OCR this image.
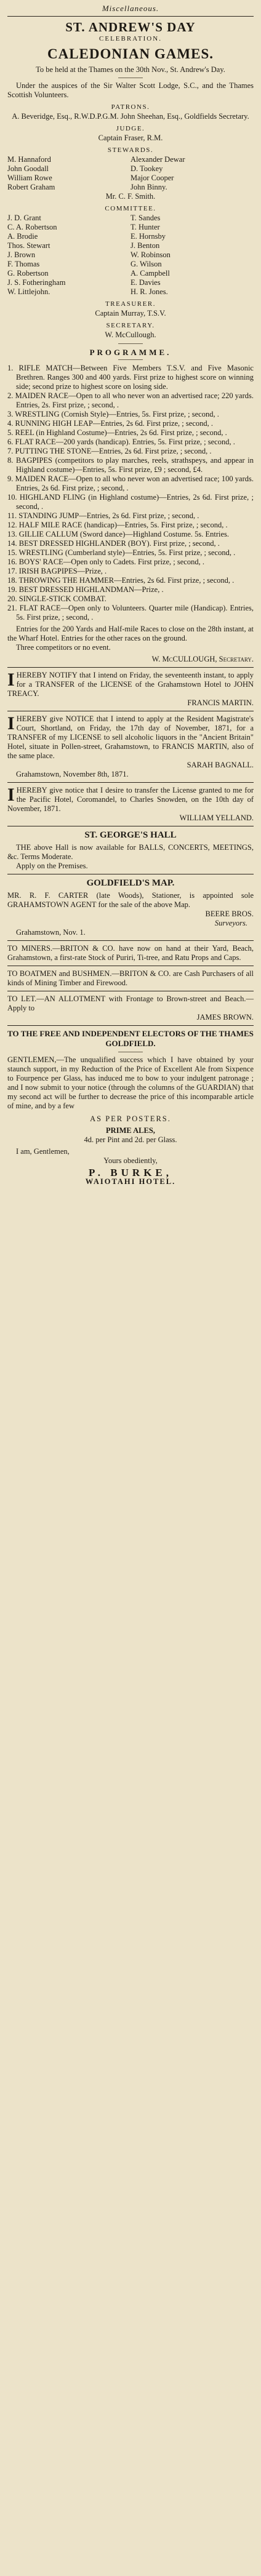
Miscellaneous.
ST. ANDREW'S DAY
CELEBRATION.
CALEDONIAN GAMES.
To be held at the Thames on the 30th Nov., St. Andrew's Day.
Under the auspices of the Sir Walter Scott Lodge, S.C., and the Thames Scottish Volunteers.
PATRONS.
A. Beveridge, Esq., R.W.D.P.G.M. John Sheehan, Esq., Goldfields Secretary.
JUDGE.
Captain Fraser, R.M.
STEWARDS.
M. Hannaford	Alexander Dewar
John Goodall	D. Tookey
William Rowe	Major Cooper
Robert Graham	John Binny.
Mr. C. F. Smith.
COMMITTEE.
J. D. Grant	T. Sandes
C. A. Robertson	T. Hunter
A. Brodie	E. Hornsby
Thos. Stewart	J. Benton
J. Brown	W. Robinson
F. Thomas	G. Wilson
G. Robertson	A. Campbell
J. S. Fotheringham	E. Davies
W. Littlejohn.	H. R. Jones.
TREASURER.
Captain Murray, T.S.V.
SECRETARY.
W. McCullough.
PROGRAMME.
1. RIFLE MATCH—Between Five Members T.S.V. and Five Masonic Brethren. Ranges 300 and 400 yards. First prize to highest score on winning side; second prize to highest score on losing side.
2. MAIDEN RACE—Open to all who never won an advertised race; 220 yards. Entries, 2s. First prize, ; second, .
3. WRESTLING (Cornish Style)—Entries, 5s. First prize, ; second, .
4. RUNNING HIGH LEAP—Entries, 2s 6d. First prize, ; second, .
5. REEL (in Highland Costume)—Entries, 2s 6d. First prize, ; second, .
6. FLAT RACE—200 yards (handicap). Entries, 5s. First prize, ; second, .
7. PUTTING THE STONE—Entries, 2s 6d. First prize, ; second, .
8. BAGPIPES (competitors to play marches, reels, strathspeys, and appear in Highland costume)—Entries, 5s. First prize, £9 ; second, £4.
9. MAIDEN RACE—Open to all who never won an advertised race; 100 yards. Entries, 2s 6d. First prize, ; second, .
10. HIGHLAND FLING (in Highland costume)—Entries, 2s 6d. First prize, ; second, .
11. STANDING JUMP—Entries, 2s 6d. First prize, ; second, .
12. HALF MILE RACE (handicap)—Entries, 5s. First prize, ; second, .
13. GILLIE CALLUM (Sword dance)—Highland Costume. 5s. Entries.
14. BEST DRESSED HIGHLANDER (BOY). First prize, ; second, .
15. WRESTLING (Cumberland style)—Entries, 5s. First prize, ; second, .
16. BOYS' RACE—Open only to Cadets. First prize, ; second, .
17. IRISH BAGPIPES—Prize, .
18. THROWING THE HAMMER—Entries, 2s 6d. First prize, ; second, .
19. BEST DRESSED HIGHLANDMAN—Prize, .
20. SINGLE-STICK COMBAT.
21. FLAT RACE—Open only to Volunteers. Quarter mile (Handicap). Entries, 5s. First prize, ; second, .
Entries for the 200 Yards and Half-mile Races to close on the 28th instant, at the Wharf Hotel. Entries for the other races on the ground.
Three competitors or no event.
W. McCULLOUGH, Secretary.
IHEREBY NOTIFY that I intend on Friday, the seventeenth instant, to apply for a TRANSFER of the LICENSE of the Grahamstown Hotel to JOHN TREACY.
FRANCIS MARTIN.
IHEREBY give NOTICE that I intend to apply at the Resident Magistrate's Court, Shortland, on Friday, the 17th day of November, 1871, for a TRANSFER of my LICENSE to sell alcoholic liquors in the "Ancient Britain" Hotel, situate in Pollen-street, Grahamstown, to FRANCIS MARTIN, also of the same place.
SARAH BAGNALL.
Grahamstown, November 8th, 1871.
IHEREBY give notice that I desire to transfer the License granted to me for the Pacific Hotel, Coromandel, to Charles Snowden, on the 10th day of November, 1871.
WILLIAM YELLAND.
ST. GEORGE'S HALL
THE above Hall is now available for BALLS, CONCERTS, MEETINGS, &c. Terms Moderate.
Apply on the Premises.
GOLDFIELD'S MAP.
MR. R. F. CARTER (late Woods), Stationer, is appointed sole GRAHAMSTOWN AGENT for the sale of the above Map.
BEERE BROS.
Surveyors.
Grahamstown, Nov. 1.
TO MINERS.—BRITON & CO. have now on hand at their Yard, Beach, Grahamstown, a first-rate Stock of Puriri, Ti-tree, and Ratu Props and Caps.
TO BOATMEN and BUSHMEN.—BRITON & CO. are Cash Purchasers of all kinds of Mining Timber and Firewood.
TO LET.—AN ALLOTMENT with Frontage to Brown-street and Beach.—Apply to
JAMES BROWN.
TO THE FREE AND INDEPENDENT ELECTORS OF THE THAMES GOLDFIELD.
GENTLEMEN,—The unqualified success which I have obtained by your staunch support, in my Reduction of the Price of Excellent Ale from Sixpence to Fourpence per Glass, has induced me to bow to your indulgent patronage ; and I now submit to your notice (through the columns of the GUARDIAN) that my second act will be further to decrease the price of this incomparable article of mine, and by a few
AS PER POSTERS.
PRIME ALES,
4d. per Pint and 2d. per Glass.
I am, Gentlemen,
Yours obediently,
P. BURKE,
WAIOTAHI HOTEL.
